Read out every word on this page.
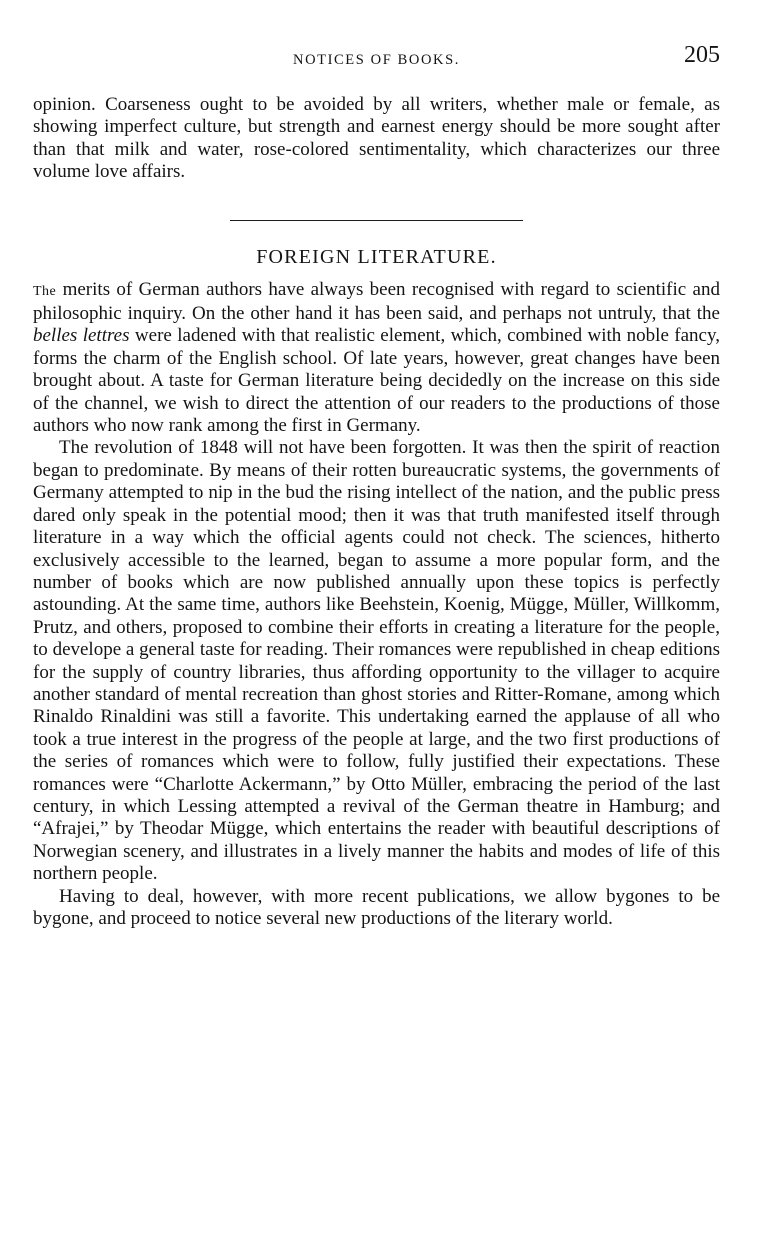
NOTICES OF BOOKS.	205

opinion. Coarseness ought to be avoided by all writers, whether male or female, as showing imperfect culture, but strength and earnest energy should be more sought after than that milk and water, rose-colored sentimentality, which characterizes our three volume love affairs.

FOREIGN LITERATURE.

The merits of German authors have always been recognised with regard to scientific and philosophic inquiry. On the other hand it has been said, and perhaps not untruly, that the belles lettres were ladened with that realistic element, which, combined with noble fancy, forms the charm of the English school. Of late years, however, great changes have been brought about. A taste for German literature being decidedly on the increase on this side of the channel, we wish to direct the attention of our readers to the productions of those authors who now rank among the first in Germany.

The revolution of 1848 will not have been forgotten. It was then the spirit of reaction began to predominate. By means of their rotten bureaucratic systems, the governments of Germany attempted to nip in the bud the rising intellect of the nation, and the public press dared only speak in the potential mood; then it was that truth manifested itself through literature in a way which the official agents could not check. The sciences, hitherto exclusively accessible to the learned, began to assume a more popular form, and the number of books which are now published annually upon these topics is perfectly astounding. At the same time, authors like Beehstein, Koenig, Mügge, Müller, Willkomm, Prutz, and others, proposed to combine their efforts in creating a literature for the people, to develope a general taste for reading. Their romances were republished in cheap editions for the supply of country libraries, thus affording opportunity to the villager to acquire another standard of mental recreation than ghost stories and Ritter-Romane, among which Rinaldo Rinaldini was still a favorite. This undertaking earned the applause of all who took a true interest in the progress of the people at large, and the two first productions of the series of romances which were to follow, fully justified their expectations. These romances were “Charlotte Ackermann,” by Otto Müller, embracing the period of the last century, in which Lessing attempted a revival of the German theatre in Hamburg; and “Afrajei,” by Theodar Mügge, which entertains the reader with beautiful descriptions of Norwegian scenery, and illustrates in a lively manner the habits and modes of life of this northern people.

Having to deal, however, with more recent publications, we allow bygones to be bygone, and proceed to notice several new productions of the literary world.
